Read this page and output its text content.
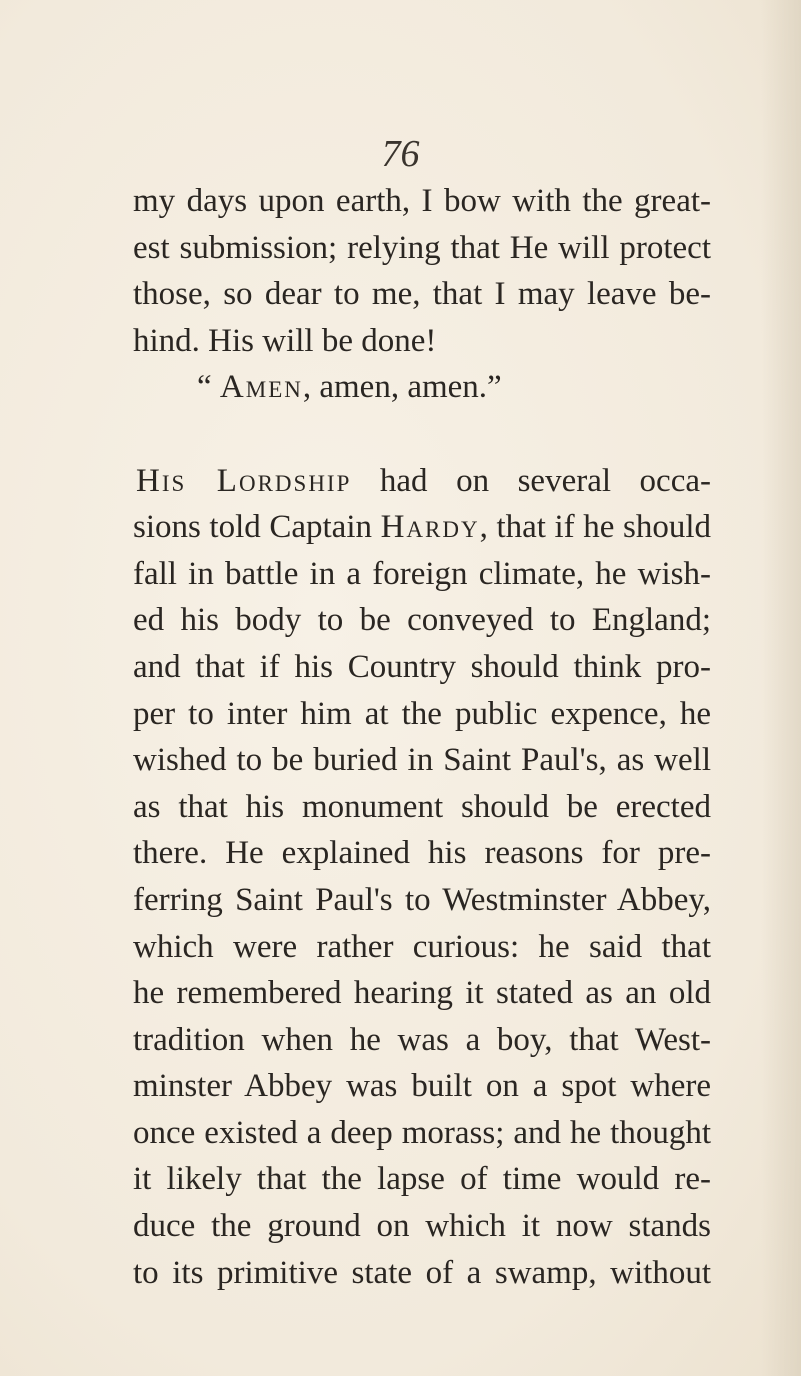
76
my days upon earth, I bow with the great-
est submission; relying that He will protect
those, so dear to me, that I may leave be-
hind. His will be done!
“ Amen, amen, amen.”
His Lordship had on several occa-
sions told Captain Hardy, that if he should
fall in battle in a foreign climate, he wish-
ed his body to be conveyed to England;
and that if his Country should think pro-
per to inter him at the public expence, he
wished to be buried in Saint Paul's, as well
as that his monument should be erected
there. He explained his reasons for pre-
ferring Saint Paul's to Westminster Abbey,
which were rather curious: he said that
he remembered hearing it stated as an old
tradition when he was a boy, that West-
minster Abbey was built on a spot where
once existed a deep morass; and he thought
it likely that the lapse of time would re-
duce the ground on which it now stands
to its primitive state of a swamp, without
